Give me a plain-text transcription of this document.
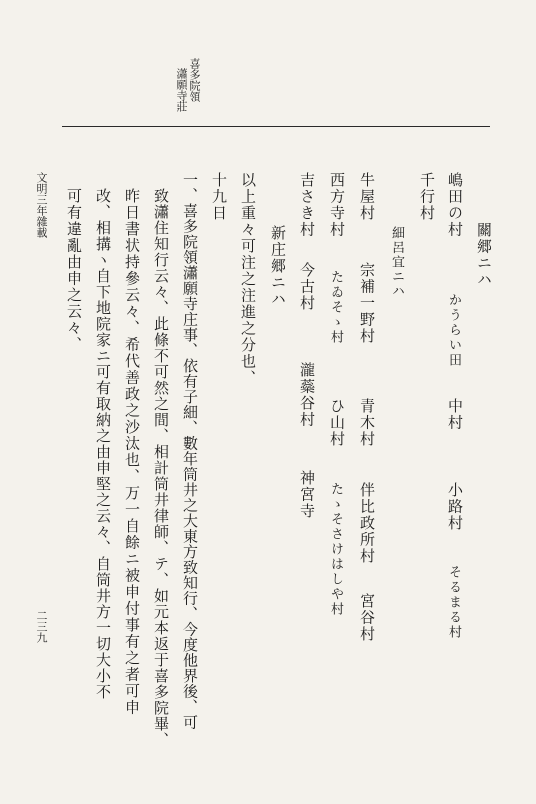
喜多院領
瀟願寺莊
關郷ニハ
嶋田の村
かうらい田
中村
小路村
そるまる村
千行村
細呂宜ニハ
牛屋村
宗補一野村
青木村
伴比政所村
宮谷村
西方寺村
たゐそゝ村
ひ山村
たゝそさけはしや村
吉さき村
今古村
瀧蘂谷村
神宮寺
新庄郷ニハ
以上重々可注之注進之分也、
十九日
一、喜多院領瀟願寺庄事、依有子細、數年筒井之大東方致知行、今度他界後、可
致瀟住知行云々、此條不可然之間、相計筒井律師、テ、如元本返于喜多院畢、
昨日書状持參云々、希代善政之沙汰也、万一自餘ニ被申付事有之者可申
改、相搆ヽ自下地院家ニ可有取納之由申堅之云々、自筒井方一切大小不
可有違亂由申之云々、
文明三年雜載
二三九
